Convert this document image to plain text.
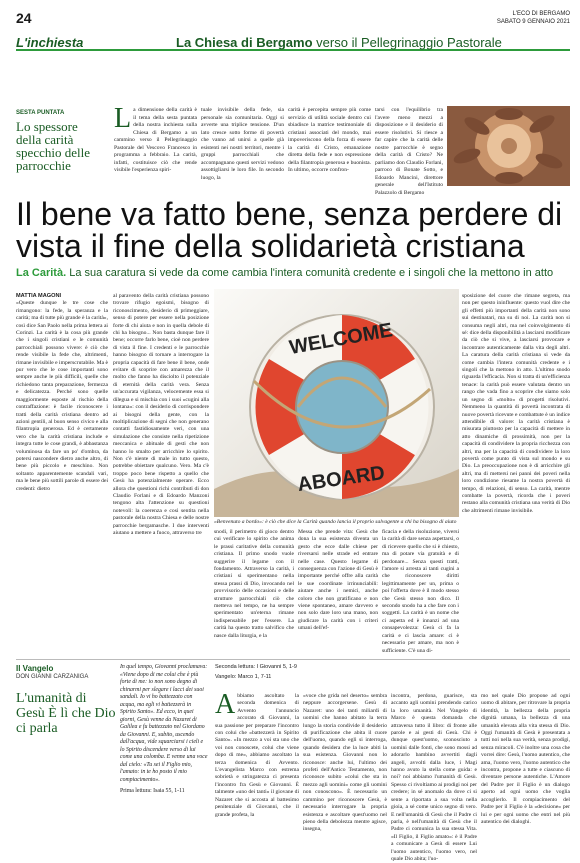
24	L'ECO DI BERGAMO
SABATO 9 GENNAIO 2021
L'inchiesta	La Chiesa di Bergamo verso il Pellegrinaggio Pastorale
SESTA PUNTATA
Lo spessore della carità specchio delle parrocchie
La dimensione della carità è il tema della sesta puntata della nostra inchiesta sulla Chiesa di Bergamo a un cammino verso il Pellegrinaggio Pastorale del Vescovo Francesco in programma a febbraio. La carità, infatti, costituisce ciò che rende visibile l'esperienza spiri-
tuale invisibile della fede, sia personale sia comunitaria. Oggi si avverte una triplice tensione. D'un lato cresce sotto forme di povertà che vanno ad unirsi a quelle già esistenti nei nostri territori, mentre i gruppi parrocchiali che accompagnano questi servizi vedono assottigliarsi le loro file. In secondo luogo, la
carità è percepita sempre più come servizio di utilità sociale dentro cui sbiadisce la matrice testimoniale di cristiani associati del mondo, mai impoveriscono della forza di essere la carità di Cristo, emanazione diretta della fede e non espressione della filantropia generosa e buonista. In ultimo, occorre confron-
tarsi con l'equilibrio tra l'avere meno mezzi a disposizione e il desiderio di essere risolutivi. Si riesce a far capire che la carità delle nostre parrocchie è segno della carità di Cristo? Ne parliamo don Claudio Forlani, parroco di Bonate Sotto, e Edoardo Mancini, direttore generale dell'Istituto Palazzolo di Bergamo
Il bene va fatto bene, senza perdere di vista il fine della solidarietà cristiana
La Carità. La sua caratura si vede da come cambia l'intera comunità credente e i singoli che la mettono in atto
MATTIA MAGONI
«Queste dunque le tre cose che rimangono: la fede, la speranza e la carità; ma di tutte più grande è la carità», così dice San Paolo nella prima lettera ai Corinzi. La carità è la cosa più grande che i singoli cristiani e le comunità parrocchiali possono vivere: è ciò che rende visibile la fede che, altrimenti, rimane invisibile e imperscrutabile. Ma è pur vero che le cose importanti sono sempre anche le più difficili, quelle che richiedono tanta preparazione, fermezza e delicatezza. Perché sono quelle maggiormente esposte al rischio della contraffazione: è facile riconoscere i tratti della carità cristiana dentro ad azioni gentili, al buon senso civico e alla filantropia generosa. Ed è certamente vero che la carità cristiana include e integra tutte le cose grandi, è abbastanza voluminosa da fare un po' d'ombra, da potersi nascondere dietro anche altro, di bene più piccolo e meschino. Non soltanto apparentemente scandali vari, ma le bene più sottili parole di essere dei credenti: dietro
al paravento della carità cristiana possono trovare rifugio egoismi, bisogno di riconoscimento, desiderio di primeggiare, senso di potere per essere nella posizione forte di chi aiuta e non in quella debole di chi ha bisogno... Non basta dunque fare il bene; occorre farlo bene, cioè non perdere di vista il fine. I credenti e le parrocchie hanno bisogno di tornare a interrogare la propria capacità di fare bene il bene, onde evitare di scoprire con amarezza che il molto che fanno ha disciolto il potenziale di eternità della carità vera. Senza un'accurata vigilanza, velocemente essa si dilegua e si mischia con i suoi «cugini alla lontana»: con il desiderio di corrispondere ai bisogni della gente, con la moltiplicazione di segni che non generano contatti fastidiosamente veri, con una simulazione che consiste nella ripetizione meccanica e abituale di gesti che non hanno lo smalto per arricchire lo spirito. Non c'è niente di male in tutto questo, potrebbe obiettare qualcuno. Vero. Ma c'è troppo poco bene rispetto a quello che Gesù ha potenzialmente operare. Ecco allora che questioni richi contributi di don Claudio Forlani e di Edoardo Manzoni tengono alta l'attenzione su questioni notevoli: la coerenza e così sentita nella pastorale della nostra Chiesa e delle nostre parrocchie bergamasche. I due interventi aiutano a mettere a fuoco, attraverso tre
WELCOME
ABOARD
«Benvenuto a bordo»: è ciò che dice la Carità quando lancia il proprio salvagente a chi ha bisogno di aiuto
sposizione del cuore che rimane segreta, ma non per questo ininfluente: questo vuol dire che gli effetti più importanti della carità non sono sui destinatari, ma su di noi. La carità non si consuma negli altri, ma nel coinvolgimento di sé: dice della disponibilità a lasciarsi modificare da ciò che si vive, a lasciarsi provocare e incontrare autenticamente dalla vita degli altri. La caratura della carità cristiana si vede da come cambia l'intera comunità credente e i singoli che la mettono in atto. L'ultimo snodo riguarda l'efficacia. Non si tratta di un'efficienza tenace: la carità può essere valutata dentro un rango che vada fino a scoprire che siamo solo un segno di «molto» di progetti risolutivi. Nemmeno la quantità di povertà incontrata di nuove povertà ricevute e combattute è un indice attendibile di valore: la carità cristiana è misurata piuttosto per la capacità di mettere in atto dinamiche di prossimità, non per la capacità di condividere la propria ricchezza con altri, ma per la capacità di condividere la loro povertà come punto di vista sul mondo e su Dio. La preoccupazione non è di arricchire gli altri, ma di mettersi nei panni dei poveri nella loro condizione riesame la nostra povertà di tempo, di relazioni, di senso. La carità, mentre combatte la povertà, ricorda che i poveri restano alla comunità cristiana una verità di Dio che altrimenti rimane invisibile.
snodi, il perimetro di gioco dentro cui verificare lo spirito che anima le prassi caritative della comunità cristiana. Il primo snodo vuole suggerire il legame con il fondamento. Attraverso la carità, i cristiani si sperimentano nella stessa prassi di Dio, invocando nel provvisorio delle occasioni e delle strutture parrocchiali ciò che metteva nel tempo, ne ha sempre sperimentato un'eterna rimane indispensabile per l'essere. La carità ha questo tratto salvifico che nasce dalla liturgia, e la
Messa che prende vita: Gesù che dona la sua esistenza diventa un gesto che ecce dalle chiese per riversarsi nelle strade ed entrare nelle case. Questo legame di conseguenza con l'azione di Gesù è importante perché offre alla carità le sue coordinate irrinunciabili: aiutare anche i nemici, anche coloro che non gratificano e non viene spontaneo, amare davvero e non solo dare loro una mano, non giudicare la carità con i criteri umani dell'ef-
ficacia e della risoluzione, viversi la carità di dare senza aspettarsi, o di ricevere quello che si è chiesto, ma di potare via gratuità e di perdonare... Senza questi tratti, l'amore si arresta ai tanti cugini a che riconoscere diritti legittimamente per un, prima o poi l'offerta dove è il modo stesso che Gesù stesso non dico. Il secondo snodo ha a che fare con i soggetti. La carità è un nome che ci aspetta ed è innanzi ad una consapevolezza: Gesù ci fa la carità e ci lascia amare: ci è necessario per amare, ma non è sufficiente. C'è una di-
Il Vangelo
DON GIANNI CARZANIGA
L'umanità di Gesù È lì che Dio ci parla
In quel tempo, Giovanni proclamava: «Viene dopo di me colui che è più forte di me: io non sono degno di chinarmi per slegare i lacci dei suoi sandali. Io vi ho battezzato con acqua, ma egli vi battezzerà in Spirito Santo». Ed ecco, in quei giorni, Gesù venne da Nazaret di Galilea e fu battezzato nel Giordano da Giovanni. E, subito, uscendo dall'acqua, vide squarciarsi i cieli e lo Spirito discendere verso di lui come una colomba. E venne una voce dal cielo: «Tu sei il Figlio mio, l'amato: in te ho posto il mio compiacimento».
Prima lettura: Isaia 55, 1-11
Seconda lettura: I Giovanni 5, 1-9
Vangelo: Marco 1, 7-11
Abbiamo ascoltato la seconda domenica di Avvento l'annuncio accorato di Giovanni, la sua passione per preparare l'incontro con colui che «battezzerà in Spirito Santo». «In mezzo a voi sta uno che voi non conoscete, colui che viene dopo di me», abbiamo ascoltato la terza domenica di Avvento. L'evangelista Marco con estrema sobrietà e stringatezza ci presenta l'incontro fra Gesù e Giovanni. È talmente «uno dei tanti» il giovane di Nazaret che si accosta al battesimo penitenziale di Giovanni, che il grande profeta, la
«voce che grida nel deserto» sembra neppure accorgersene. Gesù di Nazaret: uno dei tanti miliardi di uomini che hanno abitato la terra lungo la storia condivide il desiderio di purificazione che abita il cuore dell'uomo, quando egli si interroga, quando desidera che la luce abiti la sua esistenza. Giovanni non lo riconosce: anche lui, l'ultimo dei profeti dell'Antico Testamento, non riconosce subito «colui che sta in mezzo agli uomini» come gli uomini non conoscono». È necessario un cammino per riconoscere Gesù, è necessario interrogare la propria esistenza e ascoltare quest'uomo nel pieno della debolezza mentre agisce, insegna,
incontra, perdona, guarisce, sta accanto agli uomini prendendo carico la loro umanità. Nel Vangelo di Marco è questa domanda che attraversa tutto il libro: di fronte alle parole e ai gesti di Gesù. Chi è dunque quest'uomo, sconosciuto a uomini dalle fonti, che sono mossi ad adorarlo bambino avvertiti dagli angeli, avvolti dalla luce, i Magi hanno avuto la stella come guida: e noi? noi abbiamo l'umanità di Gesù. Spesso ci rivoltiamo ai prodigi noi per credere; in sé anomalo da dove ci si sente a riportata a sua volta nella gioia, a sé come unico segno di vero. E nell'umanità di Gesù che il Padre ci parla, è nell'umanità di Gesù che il Padre ci comunica la sua stessa Vita. «Il Figlio, il Figlio amato»: è il Padre a comunicare a Gesù di essere Lui l'uomo autentico, l'uomo vero, nel quale Dio abita; l'uo-
mo nel quale Dio propone ad ogni uomo di abitare, per ritrovare la propria identità, la bellezza della propria dignità umana, la bellezza di una umanità elevata alla vita stessa di Dio. Oggi l'umanità di Gesù è presentata a tutti noi nella sua verità, senza prodigi, senza miracoli. C'è inoltre una cosa che vorrei dire: Gesù, l'uomo autentico, che ama, l'uomo vero, l'uomo autentico che incontra, propone a tutte e ciascuno di diventare persone autentiche. L'Amore del Padre per il Figlio è un dialogo aperto ad ogni uomo che voglia accoglierlo. Il compiacimento del Padre per il Figlio è la «decisione» per lui e per ogni uomo che entri nel più autentico dei dialoghi.
